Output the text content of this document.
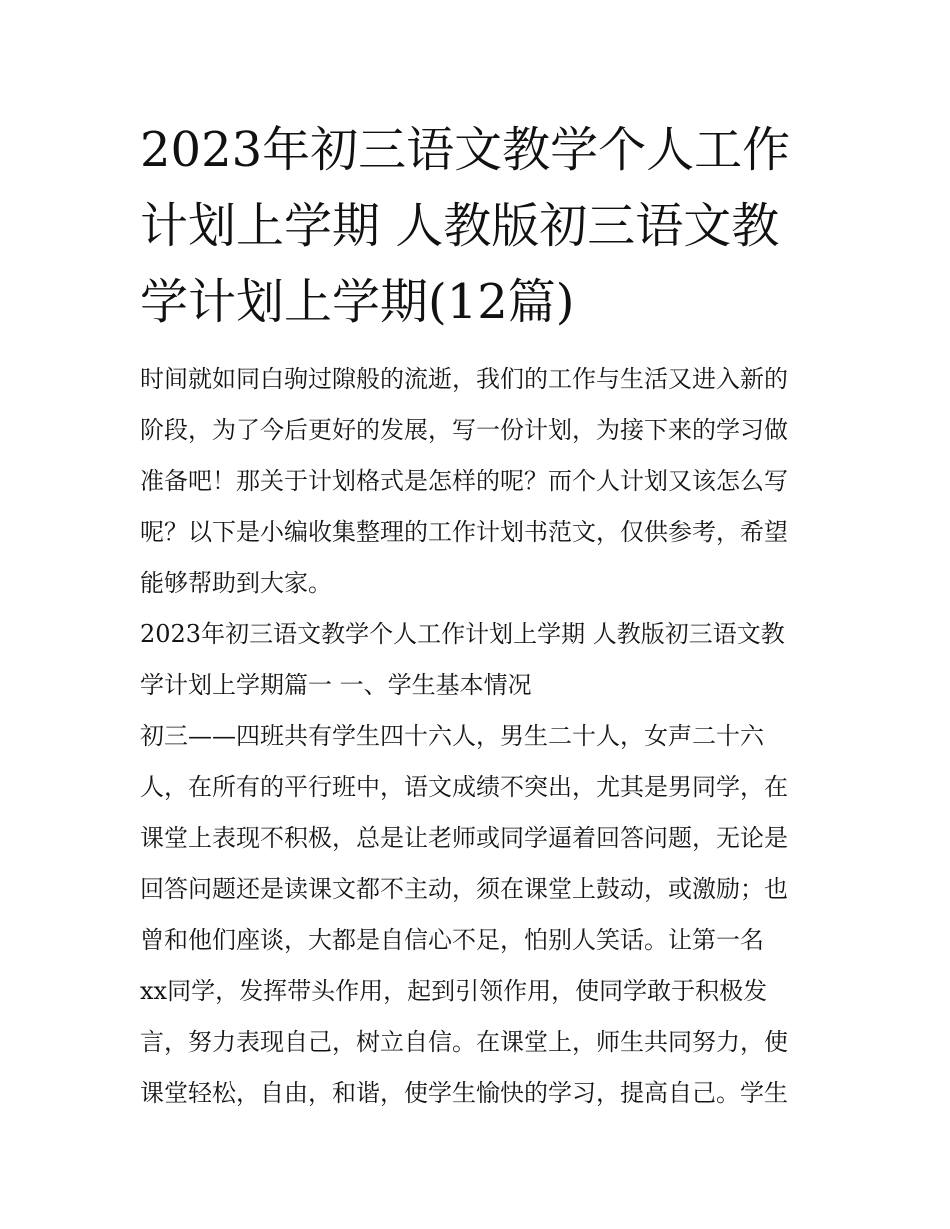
2023年初三语文教学个人工作
计划上学期 人教版初三语文教
学计划上学期(12篇)

时间就如同白驹过隙般的流逝，我们的工作与生活又进入新的
阶段，为了今后更好的发展，写一份计划，为接下来的学习做
准备吧！那关于计划格式是怎样的呢？而个人计划又该怎么写
呢？以下是小编收集整理的工作计划书范文，仅供参考，希望
能够帮助到大家。

2023年初三语文教学个人工作计划上学期 人教版初三语文教
学计划上学期篇一 一、学生基本情况

初三——四班共有学生四十六人，男生二十人，女声二十六
人，在所有的平行班中，语文成绩不突出，尤其是男同学，在
课堂上表现不积极，总是让老师或同学逼着回答问题，无论是
回答问题还是读课文都不主动，须在课堂上鼓动，或激励；也
曾和他们座谈，大都是自信心不足，怕别人笑话。让第一名
xx同学，发挥带头作用，起到引领作用，使同学敢于积极发
言，努力表现自己，树立自信。在课堂上，师生共同努力，使
课堂轻松，自由，和谐，使学生愉快的学习，提高自己。学生
